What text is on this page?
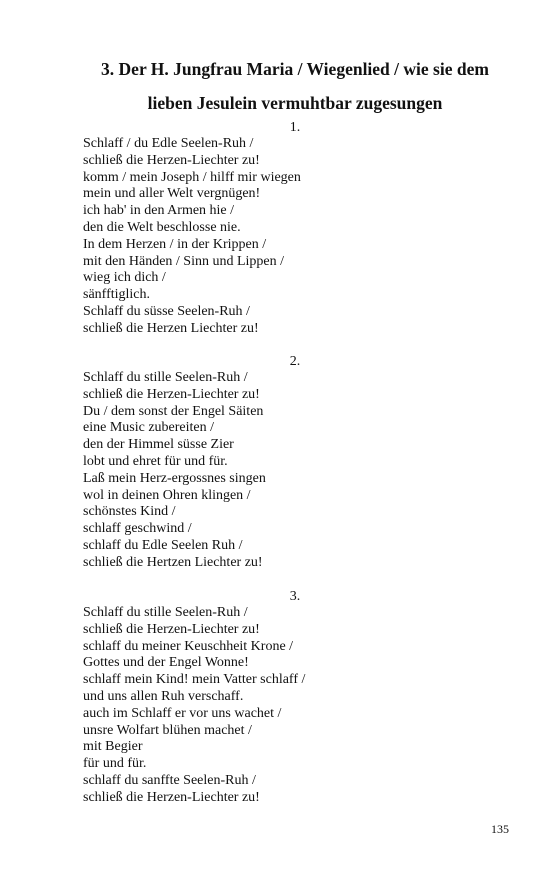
3. Der H. Jungfrau Maria / Wiegenlied / wie sie dem
lieben Jesulein vermuhtbar zugesungen
1.
Schlaff / du Edle Seelen-Ruh /
schließ die Herzen-Liechter zu!
komm / mein Joseph / hilff mir wiegen
mein und aller Welt vergnügen!
ich hab' in den Armen hie /
den die Welt beschlosse nie.
In dem Herzen / in der Krippen /
mit den Händen / Sinn und Lippen /
wieg ich dich /
sänfftiglich.
Schlaff du süsse Seelen-Ruh /
schließ die Herzen Liechter zu!
2.
Schlaff du stille Seelen-Ruh /
schließ die Herzen-Liechter zu!
Du / dem sonst der Engel Säiten
eine Music zubereiten /
den der Himmel süsse Zier
lobt und ehret für und für.
Laß mein Herz-ergossnes singen
wol in deinen Ohren klingen /
schönstes Kind /
schlaff geschwind /
schlaff du Edle Seelen Ruh /
schließ die Hertzen Liechter zu!
3.
Schlaff du stille Seelen-Ruh /
schließ die Herzen-Liechter zu!
schlaff du meiner Keuschheit Krone /
Gottes und der Engel Wonne!
schlaff mein Kind! mein Vatter schlaff /
und uns allen Ruh verschaff.
auch im Schlaff er vor uns wachet /
unsre Wolfart blühen machet /
mit Begier
für und für.
schlaff du sanffte Seelen-Ruh /
schließ die Herzen-Liechter zu!
135
